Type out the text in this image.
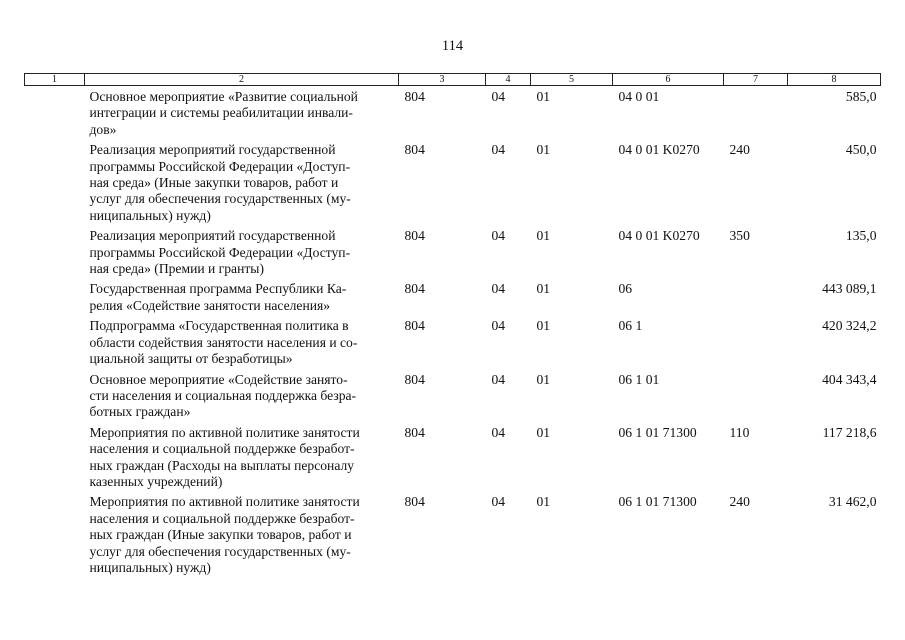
114
1	2	3	4	5	6	7	8

	Основное мероприятие «Развитие социальной
интеграции и системы реабилитации инвали-
дов»	804	04	01	04 0 01		585,0

	Реализация мероприятий государственной
программы Российской Федерации «Доступ-
ная среда» (Иные закупки товаров, работ и
услуг для обеспечения государственных (му-
ниципальных) нужд)	804	04	01	04 0 01 K0270	240	450,0

	Реализация мероприятий государственной
программы Российской Федерации «Доступ-
ная среда» (Премии и гранты)	804	04	01	04 0 01 K0270	350	135,0

	Государственная программа Республики Ка-
релия «Содействие занятости населения»	804	04	01	06		443 089,1

	Подпрограмма «Государственная политика в
области содействия занятости населения и со-
циальной защиты от безработицы»	804	04	01	06 1		420 324,2

	Основное мероприятие «Содействие занято-
сти населения и социальная поддержка безра-
ботных граждан»	804	04	01	06 1 01		404 343,4

	Мероприятия по активной политике занятости
населения и социальной поддержке безработ-
ных граждан (Расходы на выплаты персоналу
казенных учреждений)	804	04	01	06 1 01 71300	110	117 218,6

	Мероприятия по активной политике занятости
населения и социальной поддержке безработ-
ных граждан (Иные закупки товаров, работ и
услуг для обеспечения государственных (му-
ниципальных) нужд)	804	04	01	06 1 01 71300	240	31 462,0
